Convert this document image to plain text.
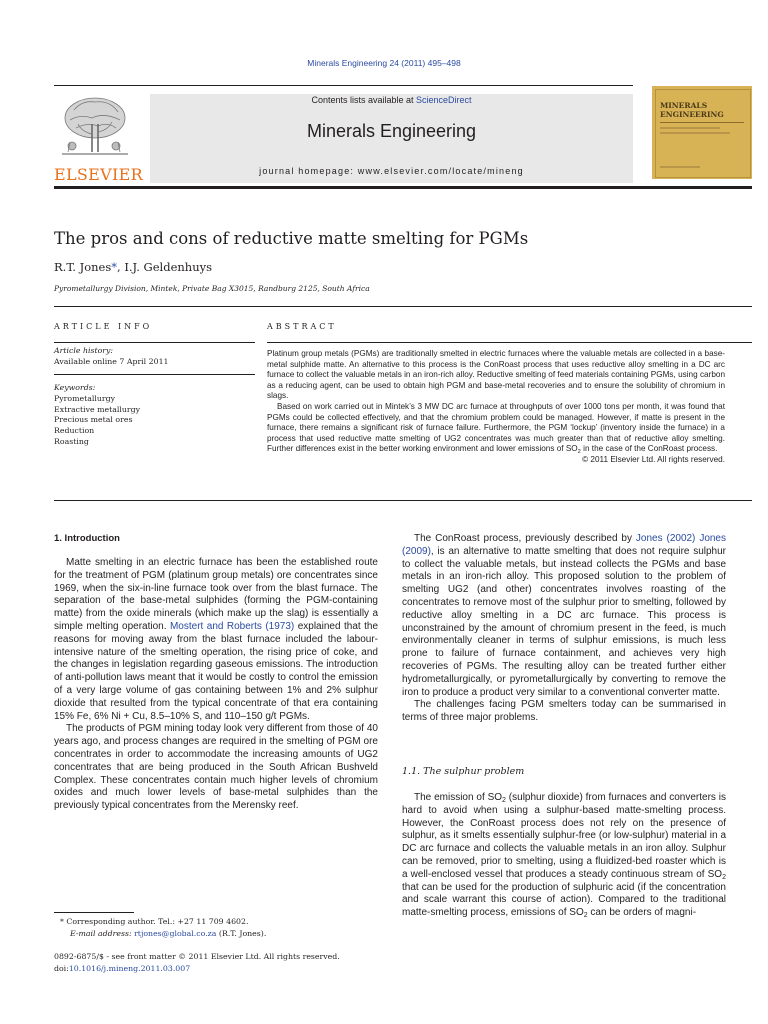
Minerals Engineering 24 (2011) 495–498
ELSEVIER
Contents lists available at ScienceDirect
Minerals Engineering
journal homepage: www.elsevier.com/locate/mineng
MINERALS
ENGINEERING
The pros and cons of reductive matte smelting for PGMs
R.T. Jones*, I.J. Geldenhuys
Pyrometallurgy Division, Mintek, Private Bag X3015, Randburg 2125, South Africa
ARTICLE INFO
Article history:
Available online 7 April 2011
Keywords:
Pyrometallurgy
Extractive metallurgy
Precious metal ores
Reduction
Roasting
ABSTRACT

Platinum group metals (PGMs) are traditionally smelted in electric furnaces where the valuable metals are collected in a base-metal sulphide matte. An alternative to this process is the ConRoast process that uses reductive alloy smelting in a DC arc furnace to collect the valuable metals in an iron-rich alloy. Reductive smelting of feed materials containing PGMs, using carbon as a reducing agent, can be used to obtain high PGM and base-metal recoveries and to ensure the solubility of chromium in slags.

Based on work carried out in Mintek’s 3 MW DC arc furnace at throughputs of over 1000 tons per month, it was found that PGMs could be collected effectively, and that the chromium problem could be managed. However, if matte is present in the furnace, there remains a significant risk of furnace failure. Furthermore, the PGM ‘lockup’ (inventory inside the furnace) in a process that used reductive matte smelting of UG2 concentrates was much greater than that of reductive alloy smelting. Further differences exist in the better working environment and lower emissions of $SO_2$ in the case of the ConRoast process.

© 2011 Elsevier Ltd. All rights reserved.
1. Introduction

Matte smelting in an electric furnace has been the established route for the treatment of PGM (platinum group metals) ore concentrates since 1969, when the six-in-line furnace took over from the blast furnace. The separation of the base-metal sulphides (forming the PGM-containing matte) from the oxide minerals (which make up the slag) is essentially a simple melting operation. Mostert and Roberts (1973) explained that the reasons for moving away from the blast furnace included the labour-intensive nature of the smelting operation, the rising price of coke, and the changes in legislation regarding gaseous emissions. The introduction of anti-pollution laws meant that it would be costly to control the emission of a very large volume of gas containing between 1% and 2% sulphur dioxide that resulted from the typical concentrate of that era containing 15% Fe, 6% Ni + Cu, 8.5–10% S, and 110–150 g/t PGMs.

The products of PGM mining today look very different from those of 40 years ago, and process changes are required in the smelting of PGM ore concentrates in order to accommodate the increasing amounts of UG2 concentrates that are being produced in the South African Bushveld Complex. These concentrates contain much higher levels of chromium oxides and much lower levels of base-metal sulphides than the previously typical concentrates from the Merensky reef.

* Corresponding author. Tel.: +27 11 709 4602.
E-mail address: rtjones@global.co.za (R.T. Jones).
0892-6875/$ - see front matter © 2011 Elsevier Ltd. All rights reserved.
doi:10.1016/j.mineng.2011.03.007

The ConRoast process, previously described by Jones (2002) Jones (2009), is an alternative to matte smelting that does not require sulphur to collect the valuable metals, but instead collects the PGMs and base metals in an iron-rich alloy. This proposed solution to the problem of smelting UG2 (and other) concentrates involves roasting of the concentrates to remove most of the sulphur prior to smelting, followed by reductive alloy smelting in a DC arc furnace. This process is unconstrained by the amount of chromium present in the feed, is much environmentally cleaner in terms of sulphur emissions, is much less prone to failure of furnace containment, and achieves very high recoveries of PGMs. The resulting alloy can be treated further either hydrometallurgically, or pyrometallurgically by converting to remove the iron to produce a product very similar to a conventional converter matte.

The challenges facing PGM smelters today can be summarised in terms of three major problems.

1.1. The sulphur problem

The emission of $SO_2$ (sulphur dioxide) from furnaces and converters is hard to avoid when using a sulphur-based matte-smelting process. However, the ConRoast process does not rely on the presence of sulphur, as it smelts essentially sulphur-free (or low-sulphur) material in a DC arc furnace and collects the valuable metals in an iron alloy. Sulphur can be removed, prior to smelting, using a fluidized-bed roaster which is a well-enclosed vessel that produces a steady continuous stream of $SO_2$ that can be used for the production of sulphuric acid (if the concentration and scale warrant this course of action). Compared to the traditional matte-smelting process, emissions of $SO_2$ can be orders of magni-
